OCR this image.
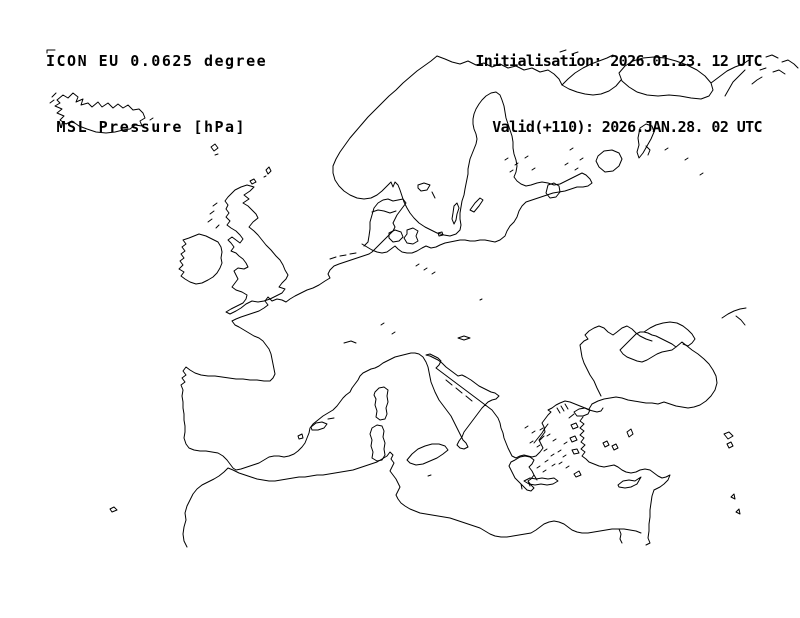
ICON EU 0.0625 degree

MSL Pressure [hPa]

Initialisation: 2026.01.23. 12 UTC

Valid(+110): 2026.JAN.28. 02 UTC
